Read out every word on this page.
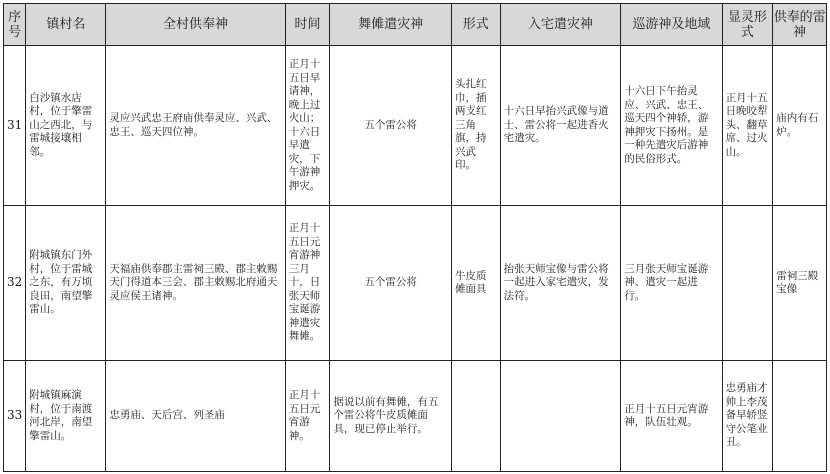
序号	镇村名	全村供奉神	时间	舞傩遣灾神	形式	入宅遣灾神	巡游神及地域	显灵形式	供奉的雷神
31	白沙镇水店村，位于擎雷山之西北，与雷城接壤相邻。	灵应兴武忠王府庙供奉灵应、兴武、忠王、巡天四位神。	正月十五日早请神，晚上过火山；十六日早遣灾，下午游神押灾。	五个雷公将	头扎红巾，插两支红三角旗，持兴武印。	十六日早抬兴武像与道士、雷公将一起进香火宅遣灾。	十六日下午抬灵应、兴武、忠王、巡天四个神轿，游神押灾下扬州。是一种先遣灾后游神的民俗形式。	正月十五日晚咬犁头、翻草席、过火山。	庙内有石炉。
32	附城镇东门外村，位于雷城之东，有万顷良田，南望擎雷山。	天福庙供奉郡主雷祠三殿、郡主敕赐天门得道本三会、郡主敕赐北府通天灵应侯王诸神。	正月十五日元宵游神三月十，日张天师宝诞游神遣灾舞傩。	五个雷公将	牛皮质傩面具	抬张天师宝像与雷公将一起进入家宅遣灾，发法符。	三月张天师宝诞游神、遣灾一起进行。		雷祠三殿宝像
33	附城镇麻演村，位于南渡河北岸，南望擎雷山。	忠勇庙、天后宫、列圣庙	正月十五日元宵游神。	据说以前有舞傩，有五个雷公将牛皮质傩面具，现已停止举行。			正月十五日元宵游神，队伍壮观。	忠勇庙才帅上李茂备早轿竖守公笔业丑。	
